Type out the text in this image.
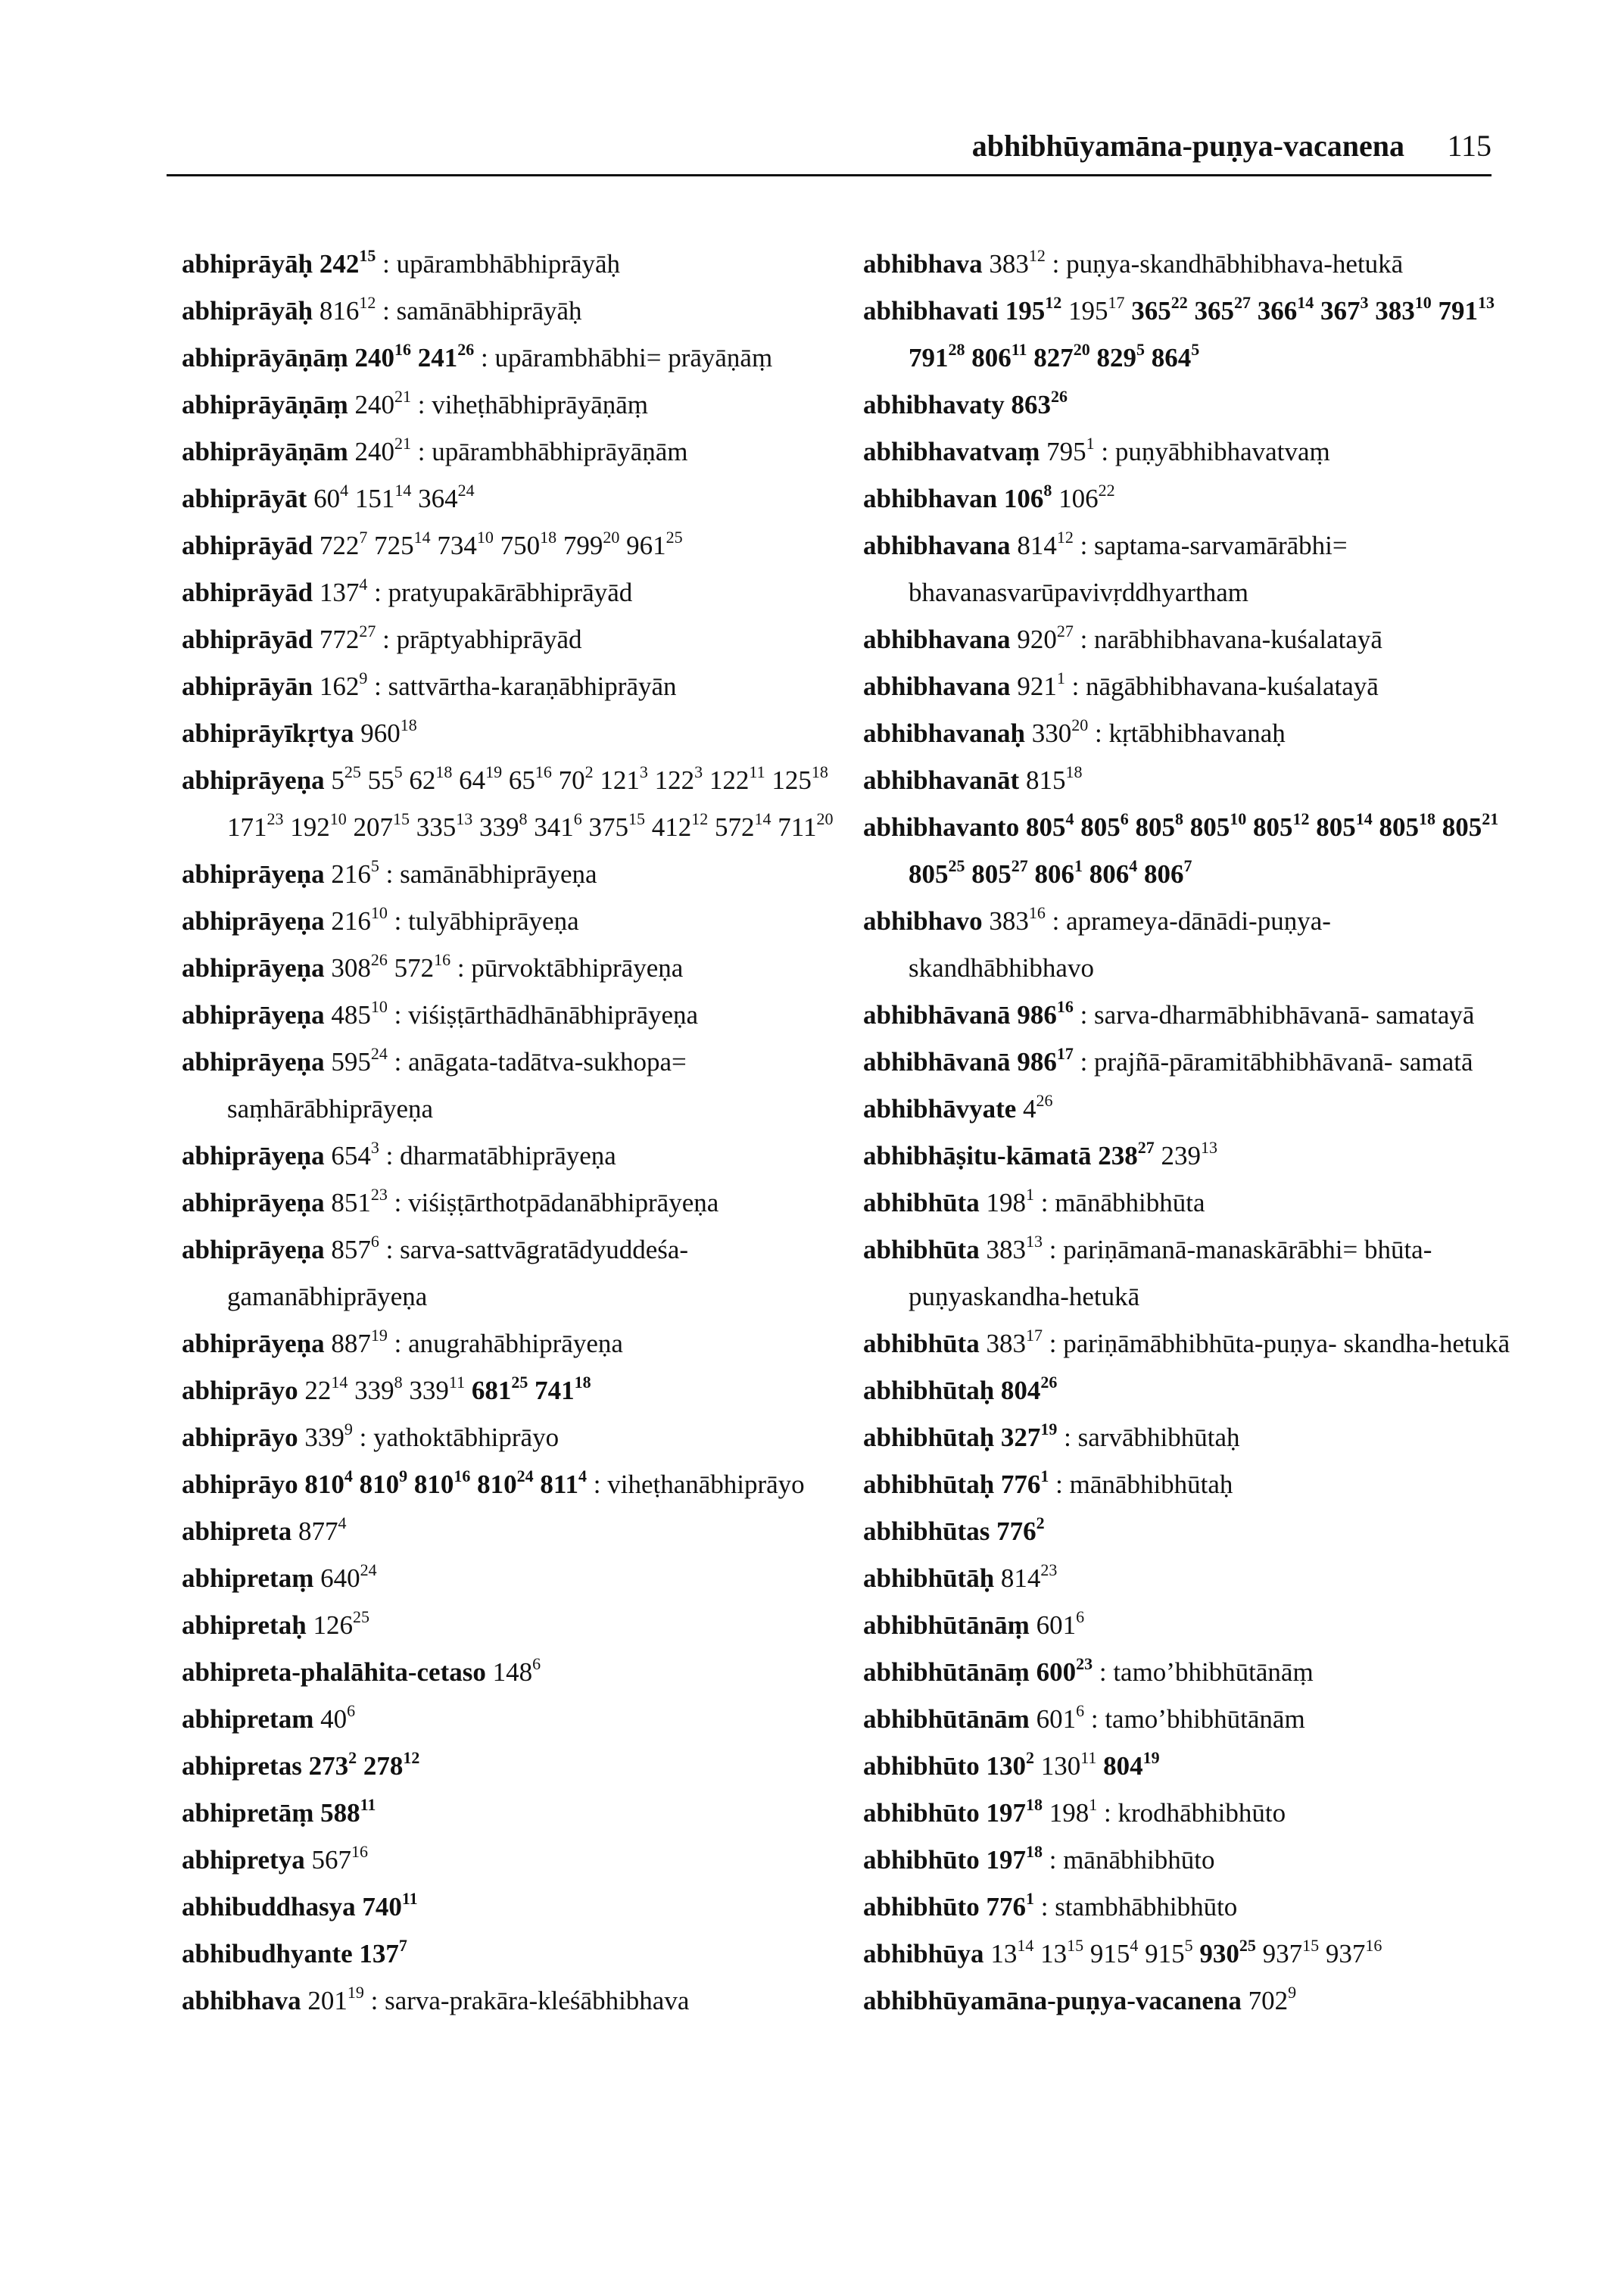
abhibhūyamāna-puṇya-vacanena 115
abhiprāyāḥ $242^{15}$ : upārambhābhiprāyāḥ
abhiprāyāḥ $816^{12}$ : samānābhiprāyāḥ
abhiprāyāṇāṃ $240^{16}$ $241^{26}$ : upārambhābhi= prāyāṇāṃ
abhiprāyāṇāṃ $240^{21}$ : viheṭhābhiprāyāṇāṃ
abhiprāyāṇām $240^{21}$ : upārambhābhiprāyāṇām
abhiprāyāt $60^4$ $151^{14}$ $364^{24}$
abhiprāyād $722^7$ $725^{14}$ $734^{10}$ $750^{18}$ $799^{20}$ $961^{25}$
abhiprāyād $137^4$ : pratyupakārābhiprāyād
abhiprāyād $772^{27}$ : prāptyabhiprāyād
abhiprāyān $162^9$ : sattvārtha-karaṇābhiprāyān
abhiprāyīkṛtya $960^{18}$
abhiprāyeṇa $5^{25}$ $55^5$ $62^{18}$ $64^{19}$ $65^{16}$ $70^2$ $121^3$ $122^3$ $122^{11}$ $125^{18}$ $171^{23}$ $192^{10}$ $207^{15}$ $335^{13}$ $339^8$ $341^6$ $375^{15}$ $412^{12}$ $572^{14}$ $711^{20}$
abhiprāyeṇa $216^5$ : samānābhiprāyeṇa
abhiprāyeṇa $216^{10}$ : tulyābhiprāyeṇa
abhiprāyeṇa $308^{26}$ $572^{16}$ : pūrvoktābhiprāyeṇa
abhiprāyeṇa $485^{10}$ : viśiṣṭārthādhānābhiprāyeṇa
abhiprāyeṇa $595^{24}$ : anāgata-tadātva-sukhopa= saṃhārābhiprāyeṇa
abhiprāyeṇa $654^3$ : dharmatābhiprāyeṇa
abhiprāyeṇa $851^{23}$ : viśiṣṭārthotpādanābhiprāyeṇa
abhiprāyeṇa $857^6$ : sarva-sattvāgratādyuddeśa- gamanābhiprāyeṇa
abhiprāyeṇa $887^{19}$ : anugrahābhiprāyeṇa
abhiprāyo $22^{14}$ $339^8$ $339^{11}$ $681^{25}$ $741^{18}$
abhiprāyo $339^9$ : yathoktābhiprāyo
abhiprāyo $810^4$ $810^9$ $810^{16}$ $810^{24}$ $811^4$ : viheṭhanābhiprāyo
abhipreta $877^4$
abhipretaṃ $640^{24}$
abhipretaḥ $126^{25}$
abhipreta-phalāhita-cetaso $148^6$
abhipretam $40^6$
abhipretas $273^2$ $278^{12}$
abhipretāṃ $588^{11}$
abhipretya $567^{16}$
abhibuddhasya $740^{11}$
abhibudhyante $137^7$
abhibhava $201^{19}$ : sarva-prakāra-kleśābhibhava
abhibhava $383^{12}$ : puṇya-skandhābhibhava-hetukā
abhibhavati $195^{12}$ $195^{17}$ $365^{22}$ $365^{27}$ $366^{14}$ $367^3$ $383^{10}$ $791^{13}$ $791^{28}$ $806^{11}$ $827^{20}$ $829^5$ $864^5$
abhibhavaty $863^{26}$
abhibhavatvaṃ $795^1$ : puṇyābhibhavatvaṃ
abhibhavan $106^8$ $106^{22}$
abhibhavana $814^{12}$ : saptama-sarvamārābhi= bhavanasvarūpavivṛddhyartham
abhibhavana $920^{27}$ : narābhibhavana-kuśalatayā
abhibhavana $921^1$ : nāgābhibhavana-kuśalatayā
abhibhavanaḥ $330^{20}$ : kṛtābhibhavanaḥ
abhibhavanāt $815^{18}$
abhibhavanto $805^4$ $805^6$ $805^8$ $805^{10}$ $805^{12}$ $805^{14}$ $805^{18}$ $805^{21}$ $805^{25}$ $805^{27}$ $806^1$ $806^4$ $806^7$
abhibhavo $383^{16}$ : aprameya-dānādi-puṇya- skandhābhibhavo
abhibhāvanā $986^{16}$ : sarva-dharmābhibhāvanā- samatayā
abhibhāvanā $986^{17}$ : prajñā-pāramitābhibhāvanā- samatā
abhibhāvyate $4^{26}$
abhibhāṣitu-kāmatā $238^{27}$ $239^{13}$
abhibhūta $198^1$ : mānābhibhūta
abhibhūta $383^{13}$ : pariṇāmanā-manaskārābhi= bhūta-puṇyaskandha-hetukā
abhibhūta $383^{17}$ : pariṇāmābhibhūta-puṇya- skandha-hetukā
abhibhūtaḥ $804^{26}$
abhibhūtaḥ $327^{19}$ : sarvābhibhūtaḥ
abhibhūtaḥ $776^1$ : mānābhibhūtaḥ
abhibhūtas $776^2$
abhibhūtāḥ $814^{23}$
abhibhūtānāṃ $601^6$
abhibhūtānāṃ $600^{23}$ : tamo’bhibhūtānāṃ
abhibhūtānām $601^6$ : tamo’bhibhūtānām
abhibhūto $130^2$ $130^{11}$ $804^{19}$
abhibhūto $197^{18}$ $198^1$ : krodhābhibhūto
abhibhūto $197^{18}$ : mānābhibhūto
abhibhūto $776^1$ : stambhābhibhūto
abhibhūya $13^{14}$ $13^{15}$ $915^4$ $915^5$ $930^{25}$ $937^{15}$ $937^{16}$
abhibhūyamāna-puṇya-vacanena $702^9$
